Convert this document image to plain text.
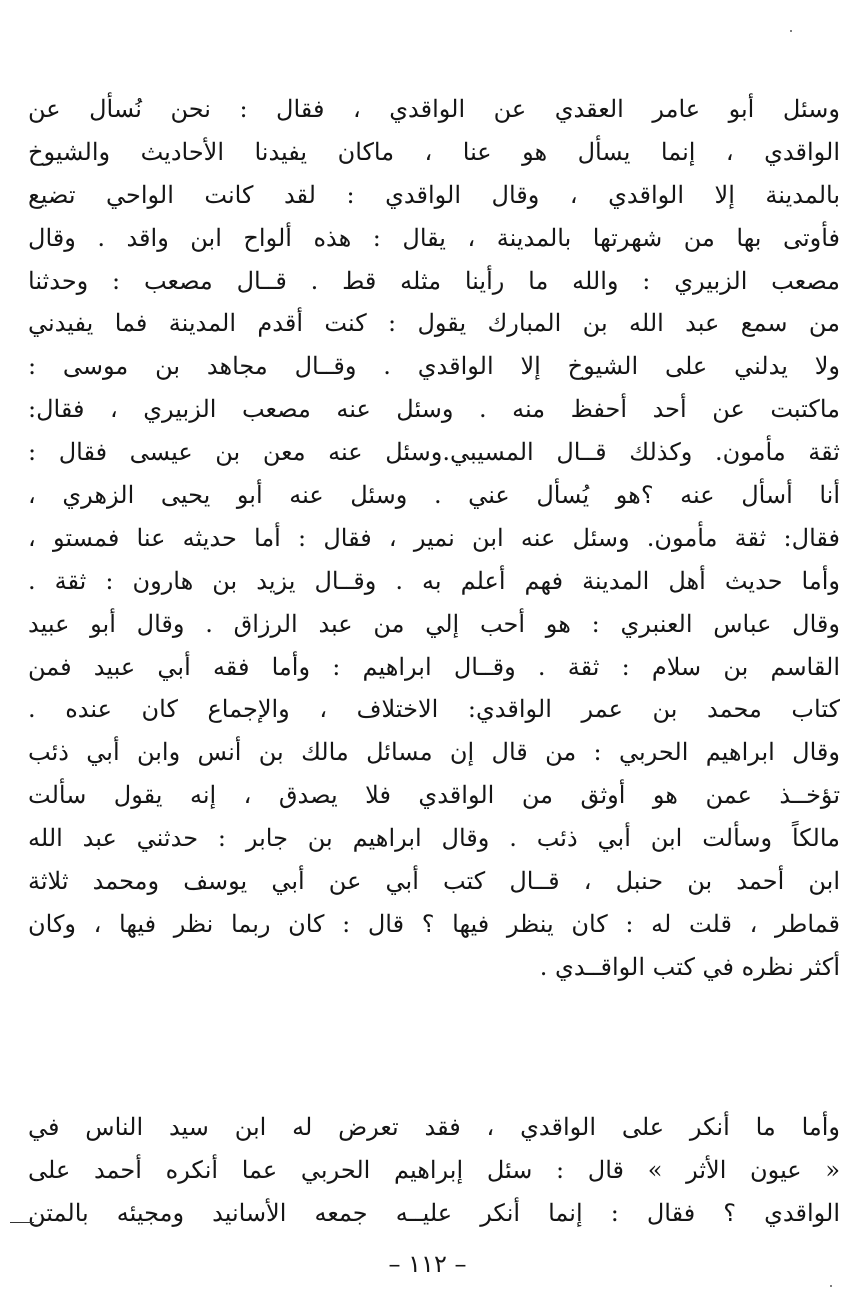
وسئل أبو عامر العقدي عن الواقدي ، فقال : نحن نُسأل عن
الواقدي ، إنما يسأل هو عنا ، ماكان يفيدنا الأحاديث والشيوخ
بالمدينة إلا الواقدي ، وقال الواقدي : لقد كانت الواحي تضيع
فأوتى بها من شهرتها بالمدينة ، يقال : هذه ألواح ابن واقد . وقال
مصعب الزبيري : والله ما رأينا مثله قط . قــال مصعب : وحدثنا
من سمع عبد الله بن المبارك يقول : كنت أقدم المدينة فما يفيدني
ولا يدلني على الشيوخ إلا الواقدي . وقــال مجاهد بن موسى :
ماكتبت عن أحد أحفظ منه . وسئل عنه مصعب الزبيري ، فقال:
ثقة مأمون. وكذلك قــال المسيبي.وسئل عنه معن بن عيسى فقال :
أنا أسأل عنه ؟هو يُسأل عني . وسئل عنه أبو يحيى الزهري ،
فقال: ثقة مأمون. وسئل عنه ابن نمير ، فقال : أما حديثه عنا فمستو ،
وأما حديث أهل المدينة فهم أعلم به . وقــال يزيد بن هارون : ثقة .
وقال عباس العنبري : هو أحب إلي من عبد الرزاق . وقال أبو عبيد
القاسم بن سلام : ثقة . وقــال ابراهيم : وأما فقه أبي عبيد فمن
كتاب محمد بن عمر الواقدي: الاختلاف ، والإجماع كان عنده .
وقال ابراهيم الحربي : من قال إن مسائل مالك بن أنس وابن أبي ذئب
تؤخــذ عمن هو أوثق من الواقدي فلا يصدق ، إنه يقول سألت
مالكاً وسألت ابن أبي ذئب . وقال ابراهيم بن جابر : حدثني عبد الله
ابن أحمد بن حنبل ، قــال كتب أبي عن أبي يوسف ومحمد ثلاثة
قماطر ، قلت له : كان ينظر فيها ؟ قال : كان ربما نظر فيها ، وكان
أكثر نظره في كتب الواقــدي .
وأما ما أنكر على الواقدي ، فقد تعرض له ابن سيد الناس في
« عيون الأثر » قال : سئل إبراهيم الحربي عما أنكره أحمد على
الواقدي ؟ فقال : إنما أنكر عليــه جمعه الأسانيد ومجيئه بالمتن
– ١١٢ –
